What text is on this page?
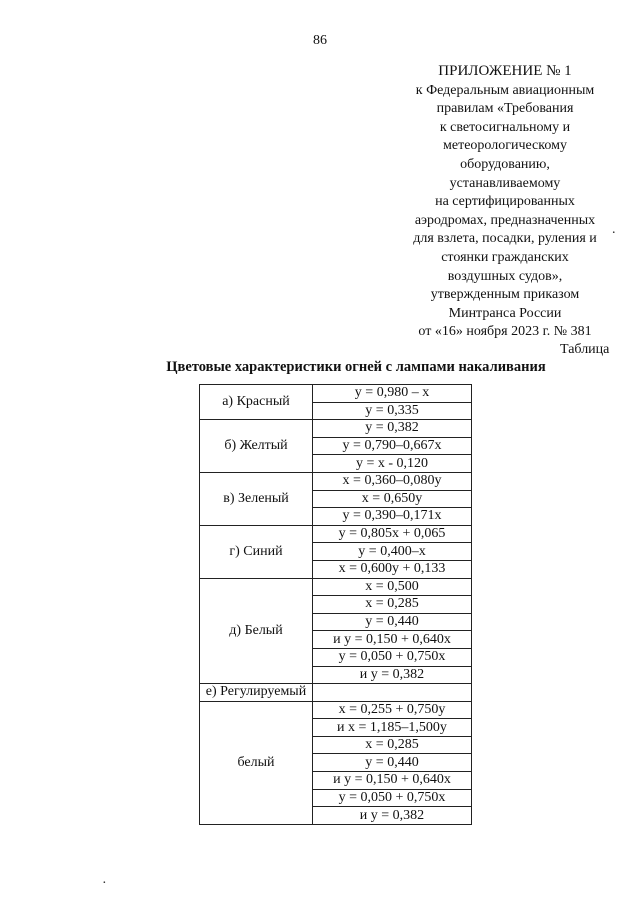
86
ПРИЛОЖЕНИЕ № 1
к Федеральным авиационным
правилам «Требования
к светосигнальному и
метеорологическому
оборудованию,
устанавливаемому
на сертифицированных
аэродромах, предназначенных
для взлета, посадки, руления и
стоянки гражданских
воздушных судов»,
утвержденным приказом
Минтранса России
от «16» ноября 2023 г. № 381
.
Таблица
Цветовые характеристики огней с лампами накаливания
а) Красный	y = 0,980 – x
	y = 0,335
б) Желтый	y = 0,382
	y = 0,790–0,667x
	y = x - 0,120
в) Зеленый	x = 0,360–0,080y
	x = 0,650y
	y = 0,390–0,171x
г) Синий	y = 0,805x + 0,065
	y = 0,400–x
	x = 0,600y + 0,133
д) Белый	x = 0,500
	x = 0,285
	y = 0,440
	и y = 0,150 + 0,640x
	y = 0,050 + 0,750x
	и y = 0,382
е) Регулируемый	
белый	x = 0,255 + 0,750y
	и x = 1,185–1,500y
	x = 0,285
	y = 0,440
	и y = 0,150 + 0,640x
	y = 0,050 + 0,750x
	и y = 0,382
·
